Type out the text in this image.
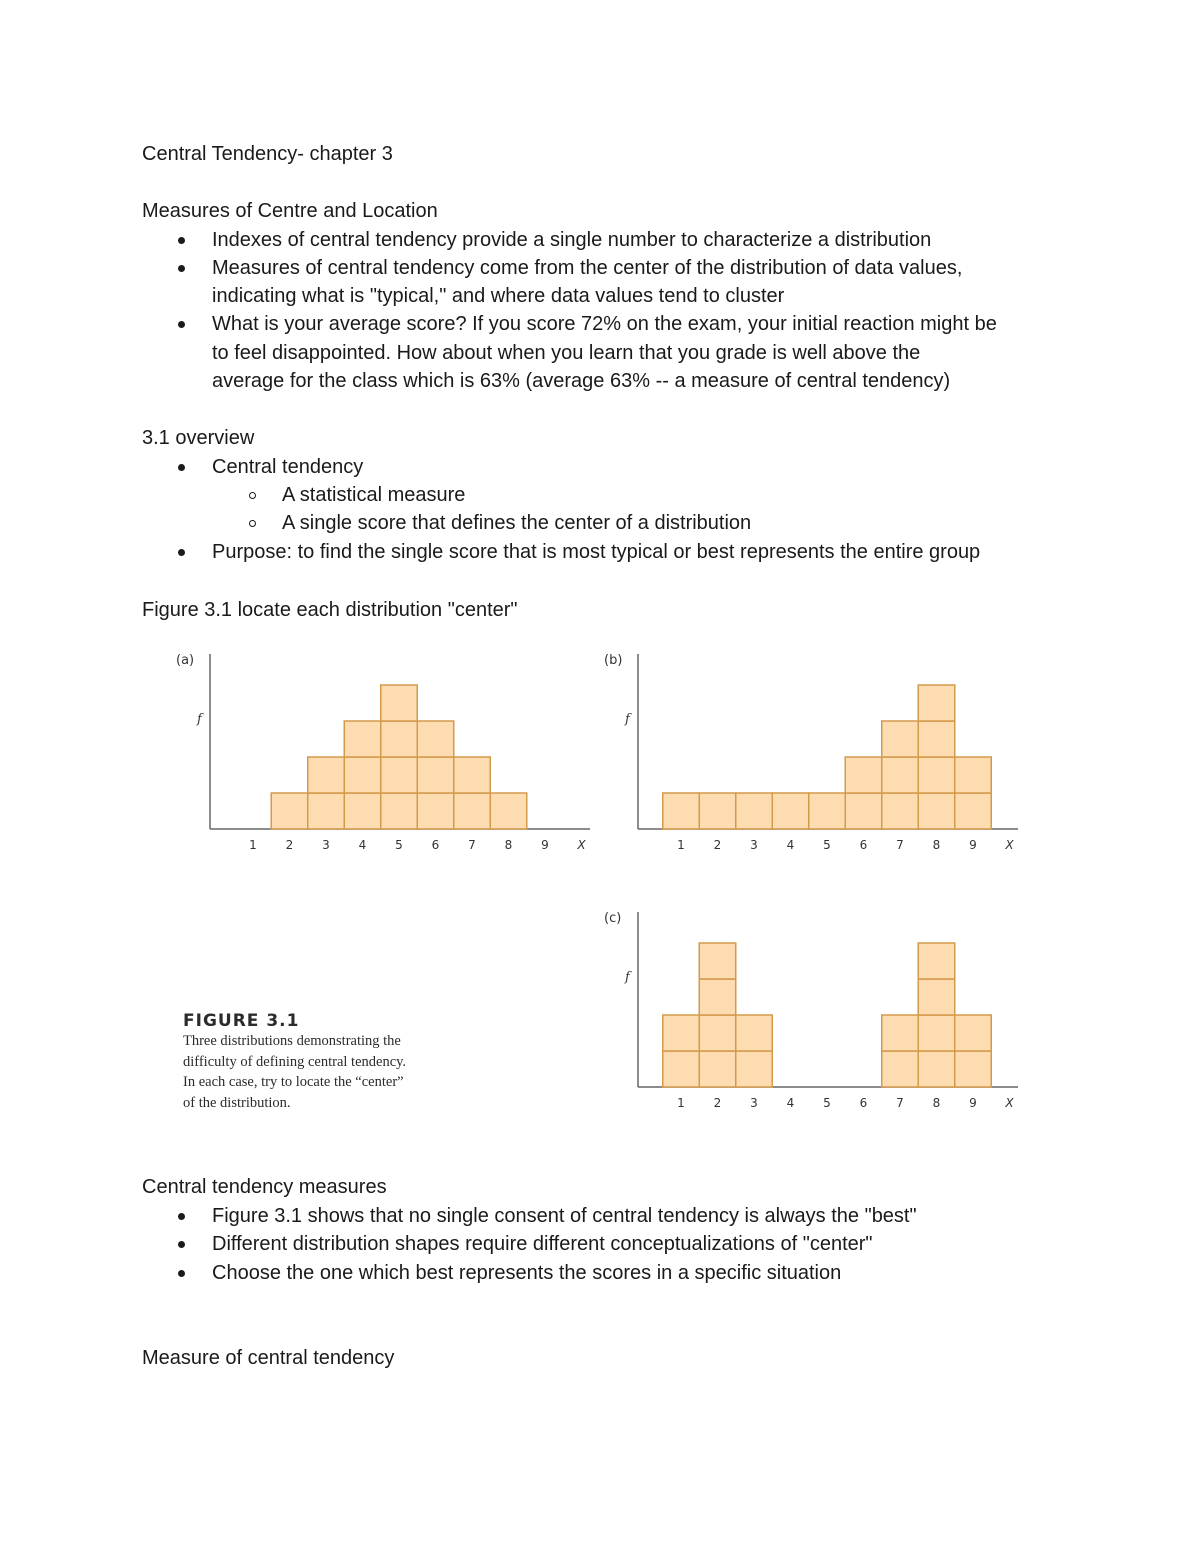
Central Tendency- chapter 3
Measures of Centre and Location
Indexes of central tendency provide a single number to characterize a distribution
Measures of central tendency come from the center of the distribution of data values,
indicating what is "typical," and where data values tend to cluster
What is your average score? If you score 72% on the exam, your initial reaction might be
to feel disappointed. How about when you learn that you grade is well above the
average for the class which is 63% (average 63% -- a measure of central tendency)
3.1 overview
Central tendency
A statistical measure
A single score that defines the center of a distribution
Purpose: to find the single score that is most typical or best represents the entire group
Figure 3.1 locate each distribution "center"
(a)
f
1 2 3 4 5 6 7 8 9 X
(b)
f
1 2 3 4 5 6 7 8 9 X
(c)
f
1 2 3 4 5 6 7 8 9 X
FIGURE 3.1
Three distributions demonstrating the
difficulty of defining central tendency.
In each case, try to locate the “center”
of the distribution.
Central tendency measures
Figure 3.1 shows that no single consent of central tendency is always the "best"
Different distribution shapes require different conceptualizations of "center"
Choose the one which best represents the scores in a specific situation
Measure of central tendency
